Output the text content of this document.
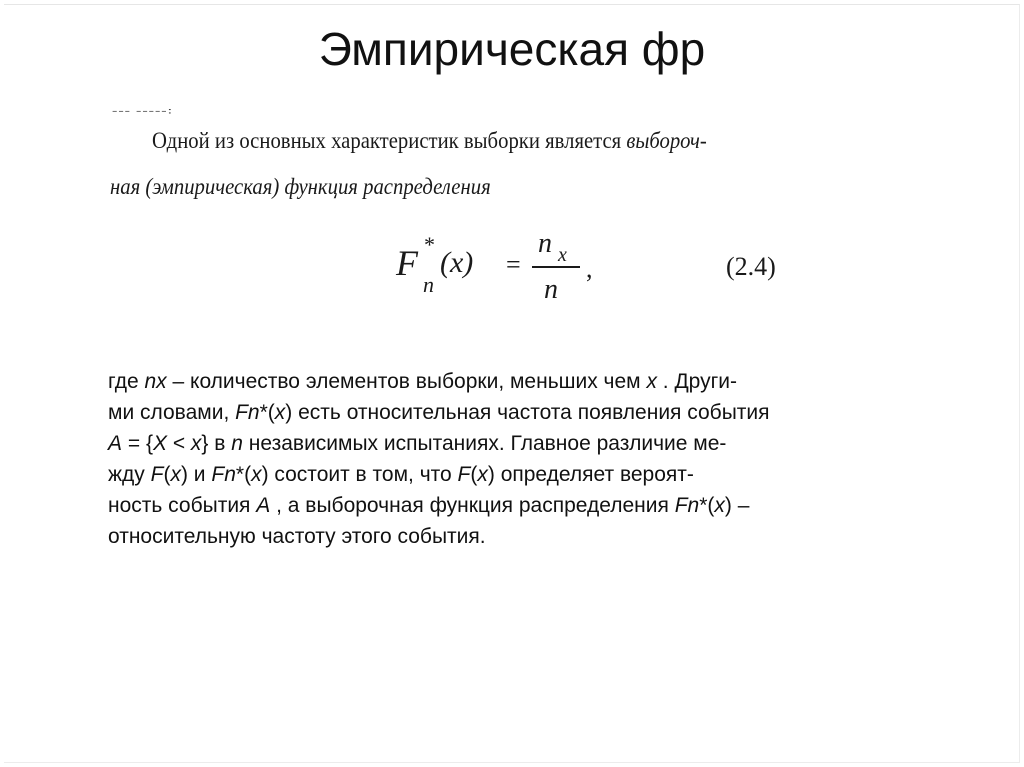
Эмпирическая фр
--- -----:
Одной из основных характеристик выборки является выбороч-
ная (эмпирическая) функция распределения
F *
n
(x) =
n x
n
,	(2.4)
где nx – количество элементов выборки, меньших чем x . Други-
ми словами, Fn*(x) есть относительная частота появления события
A = {X < x} в n независимых испытаниях. Главное различие ме-
жду F(x) и Fn*(x) состоит в том, что F(x) определяет вероят-
ность события A , а выборочная функция распределения Fn*(x) –
относительную частоту этого события.
